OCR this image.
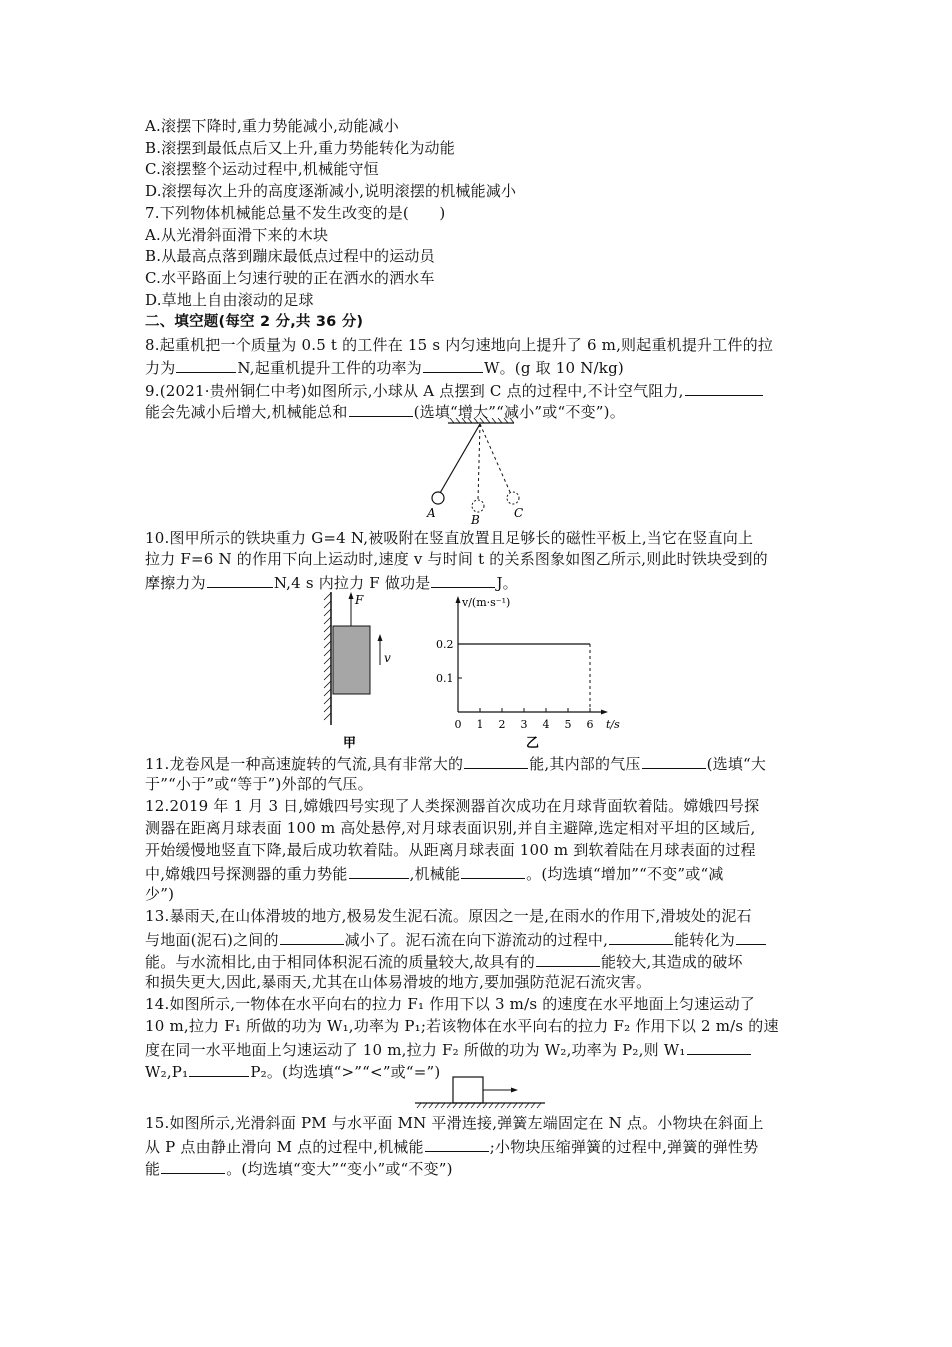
A.滚摆下降时,重力势能减小,动能减小
B.滚摆到最低点后又上升,重力势能转化为动能
C.滚摆整个运动过程中,机械能守恒
D.滚摆每次上升的高度逐渐减小,说明滚摆的机械能减小
7.下列物体机械能总量不发生改变的是(　　)
A.从光滑斜面滑下来的木块
B.从最高点落到蹦床最低点过程中的运动员
C.水平路面上匀速行驶的正在洒水的洒水车
D.草地上自由滚动的足球
二、填空题(每空 2 分,共 36 分)
8.起重机把一个质量为 0.5 t 的工件在 15 s 内匀速地向上提升了 6 m,则起重机提升工件的拉
力为	N,起重机提升工件的功率为	W。(g 取 10 N/kg)
9.(2021·贵州铜仁中考)如图所示,小球从 A 点摆到 C 点的过程中,不计空气阻力,
能会先减小后增大,机械能总和	(选填“增大”“减小”或“不变”)。
A	B	C
10.图甲所示的铁块重力 G=4 N,被吸附在竖直放置且足够长的磁性平板上,当它在竖直向上
拉力 F=6 N 的作用下向上运动时,速度 v 与时间 t 的关系图象如图乙所示,则此时铁块受到的
摩擦力为	N,4 s 内拉力 F 做功是	J。
F
v
甲
v/(m·s⁻¹)
t/s
0 1 2 3 4 5 6
0.1
0.2
乙
11.龙卷风是一种高速旋转的气流,具有非常大的	能,其内部的气压	(选填“大
于”“小于”或“等于”)外部的气压。
12.2019 年 1 月 3 日,嫦娥四号实现了人类探测器首次成功在月球背面软着陆。嫦娥四号探
测器在距离月球表面 100 m 高处悬停,对月球表面识别,并自主避障,选定相对平坦的区域后,
开始缓慢地竖直下降,最后成功软着陆。从距离月球表面 100 m 到软着陆在月球表面的过程
中,嫦娥四号探测器的重力势能	,机械能	。(均选填“增加”“不变”或“减
少”)
13.暴雨天,在山体滑坡的地方,极易发生泥石流。原因之一是,在雨水的作用下,滑坡处的泥石
与地面(泥石)之间的	减小了。泥石流在向下游流动的过程中,	能转化为
能。与水流相比,由于相同体积泥石流的质量较大,故具有的	能较大,其造成的破坏
和损失更大,因此,暴雨天,尤其在山体易滑坡的地方,要加强防范泥石流灾害。
14.如图所示,一物体在水平向右的拉力 F₁ 作用下以 3 m/s 的速度在水平地面上匀速运动了
10 m,拉力 F₁ 所做的功为 W₁,功率为 P₁;若该物体在水平向右的拉力 F₂ 作用下以 2 m/s 的速
度在同一水平地面上匀速运动了 10 m,拉力 F₂ 所做的功为 W₂,功率为 P₂,则 W₁
W₂,P₁	P₂。(均选填“>”“<”或“=”)
15.如图所示,光滑斜面 PM 与水平面 MN 平滑连接,弹簧左端固定在 N 点。小物块在斜面上
从 P 点由静止滑向 M 点的过程中,机械能	;小物块压缩弹簧的过程中,弹簧的弹性势
能	。(均选填“变大”“变小”或“不变”)
